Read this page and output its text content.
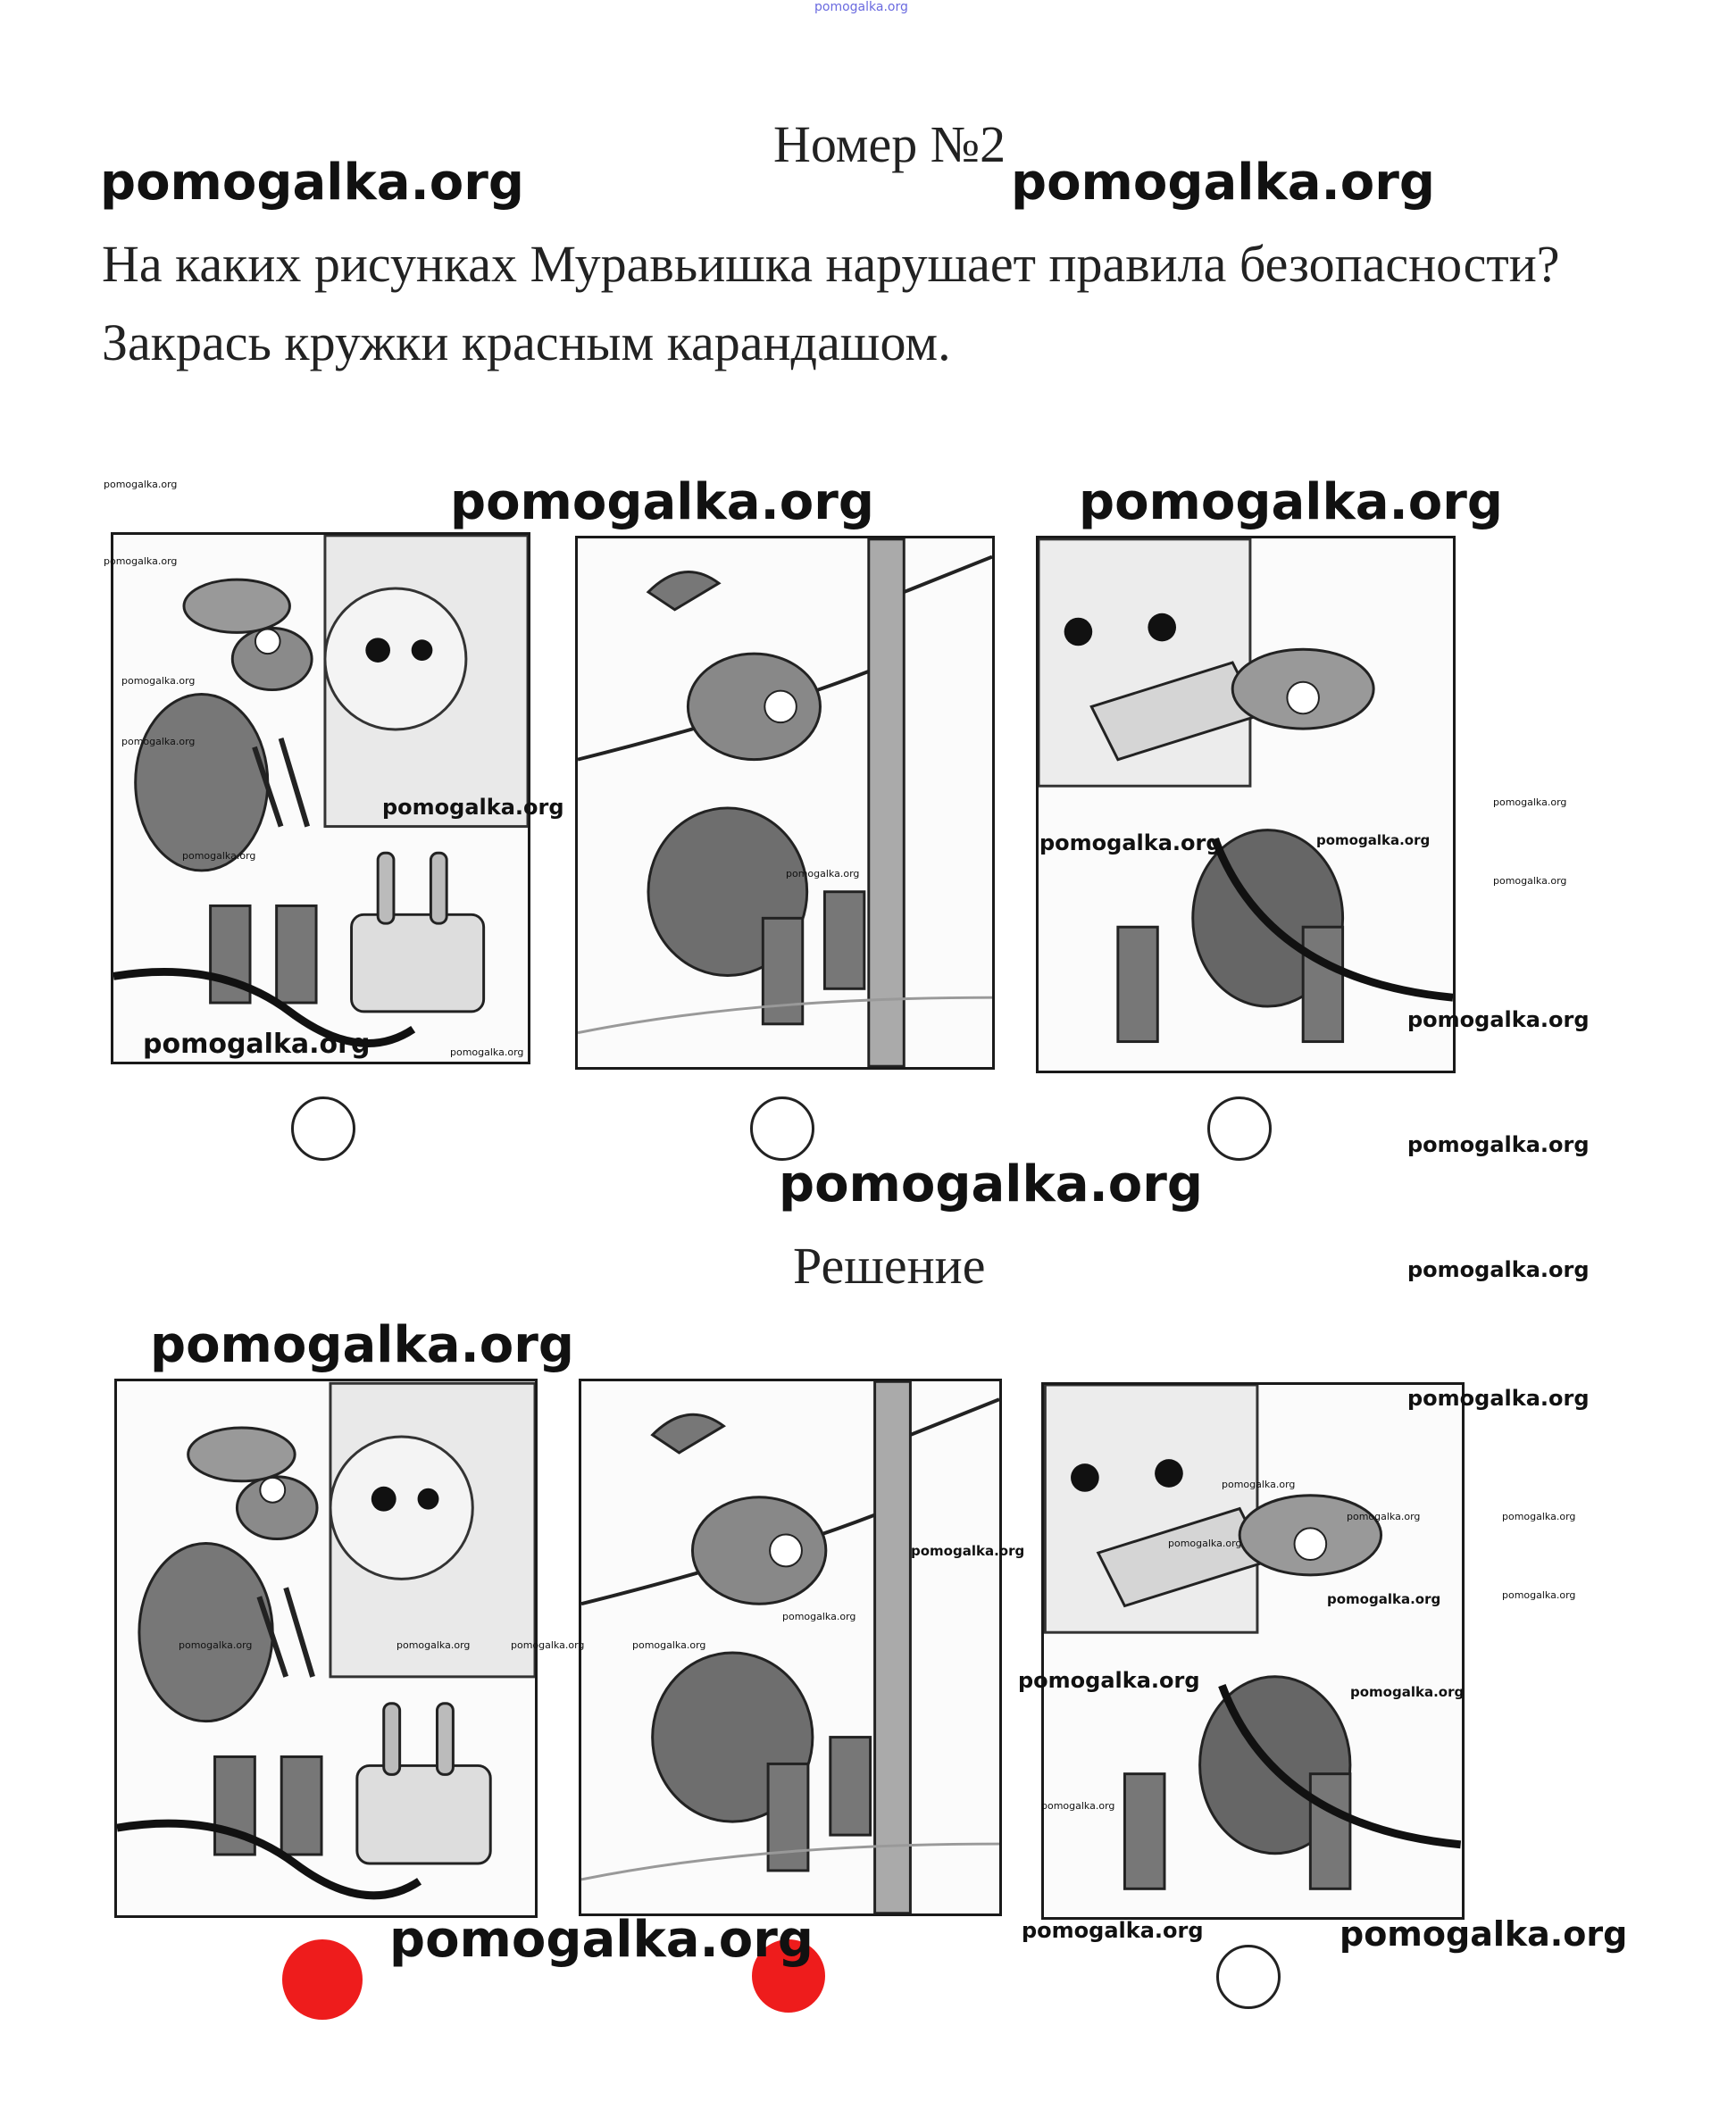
pomogalka.org
Номер №2
На каких рисунках Муравьишка нарушает правила безопасности?
Закрась кружки красным карандашом.
Решение
pomogalka.org	pomogalka.org
pomogalka.org	pomogalka.org
pomogalka.org
pomogalka.org
pomogalka.org
pomogalka.org
pomogalka.org
pomogalka.org
pomogalka.org
pomogalka.org
pomogalka.org
pomogalka.org
pomogalka.org
pomogalka.org	pomogalka.org
pomogalka.org
pomogalka.org
pomogalka.org
pomogalka.org
pomogalka.org
pomogalka.org
pomogalka.org
pomogalka.org
pomogalka.org
pomogalka.org
pomogalka.org
pomogalka.org
pomogalka.org
pomogalka.org
pomogalka.org
pomogalka.org
pomogalka.org
pomogalka.org
pomogalka.org
pomogalka.org	pomogalka.org	pomogalka.org	pomogalka.org
pomogalka.org
